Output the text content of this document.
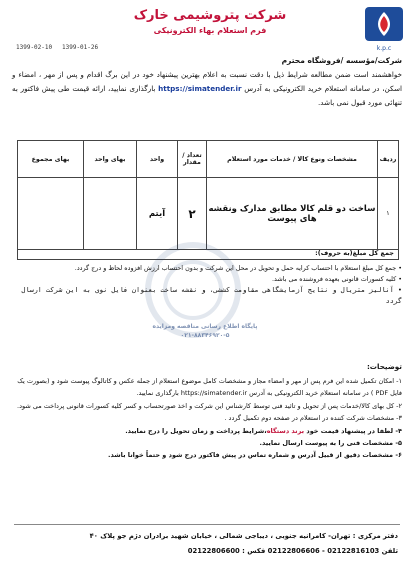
k.p.c
شرکت پتروشیمی خارک
فرم استعلام بهاء الکترونیکی
1399-02-10 1399-01-26
شرکت/مؤسسه /فروشگاه محترم
خواهشمند است ضمن مطالعه شرایط ذیل با دقت نسبت به اعلام بهترین پیشنهاد خود در این برگ اقدام و پس از مهر ، امضاء و اسکن، در سامانه استعلام خرید الکترونیکی به آدرس https://simatender.ir بارگذاری نمایید، ارائه قیمت طی پیش فاکتور به تنهائی مورد قبول نمی باشد.
ردیف	مشخصات ونوع کالا / خدمات مورد استعلام	تعداد / مقدار	واحد	بهای واحد	بهای مجموع
۱	ساخت دو قلم کالا مطابق مدارک ونقشه های پیوست	۲	آیتم		
جمع کل مبلغ(به حروف):
• جمع کل مبلغ استعلام با احتساب کرایه حمل و تحویل در محل این شرکت و بدون احتساب ارزش افزوده لحاظ و درج گردد.
• کلیه کسورات قانونی بعهده فروشنده می باشد.
• آنالیز متریال و نتایج آزمایشگاهی مقاومت کششی، و نقشه ساخت بعنوان فایل نوی به این شرکت ارسال گردد
پایگاه اطلاع رسانی مناقصه ومزایده
۰۲۱-۸۸۳۴۶۹۲۰-۵
توضیحات:

۱- امکان تکمیل شده این فرم پس از مهر و امضاء مجاز و مشخصات کامل موضوع استعلام از جمله عکس و کاتالوگ پیوست شود و (بصورت یک فایل PDF ) در سامانه استعلام خرید الکترونیکی به آدرس https://simatender.ir بارگذاری نمایید.

۲- کل بهای کالا/خدمات پس از تحویل و تائید فنی توسط کارشناس این شرکت و اخذ صورتحساب و کسر کلیه کسورات قانونی پرداخت می شود.

۳- مشخصات شرکت کننده در استعلام در صفحه دوم تکمیل گردد .

۴- لطفا در پیشنهاد قیمت خود برند دستگاه،شرایط پرداخت و زمان تحویل را درج نمایید.

۵- مشخصات فنی را به پیوست ارسال نمایید.

۶- مشخصات دقیق از قبیل آدرس و شماره تماس در پیش فاکتور درج شود و حتماً خوانا باشد.

دفتر مرکزی : تهران- کامرانیه جنوبی ، دیباجی شمالی ، خیابان شهید برادران دژم جو پلاک ۴۰
تلفن 02122816103 - 02122806606 فکس : 02122806600
